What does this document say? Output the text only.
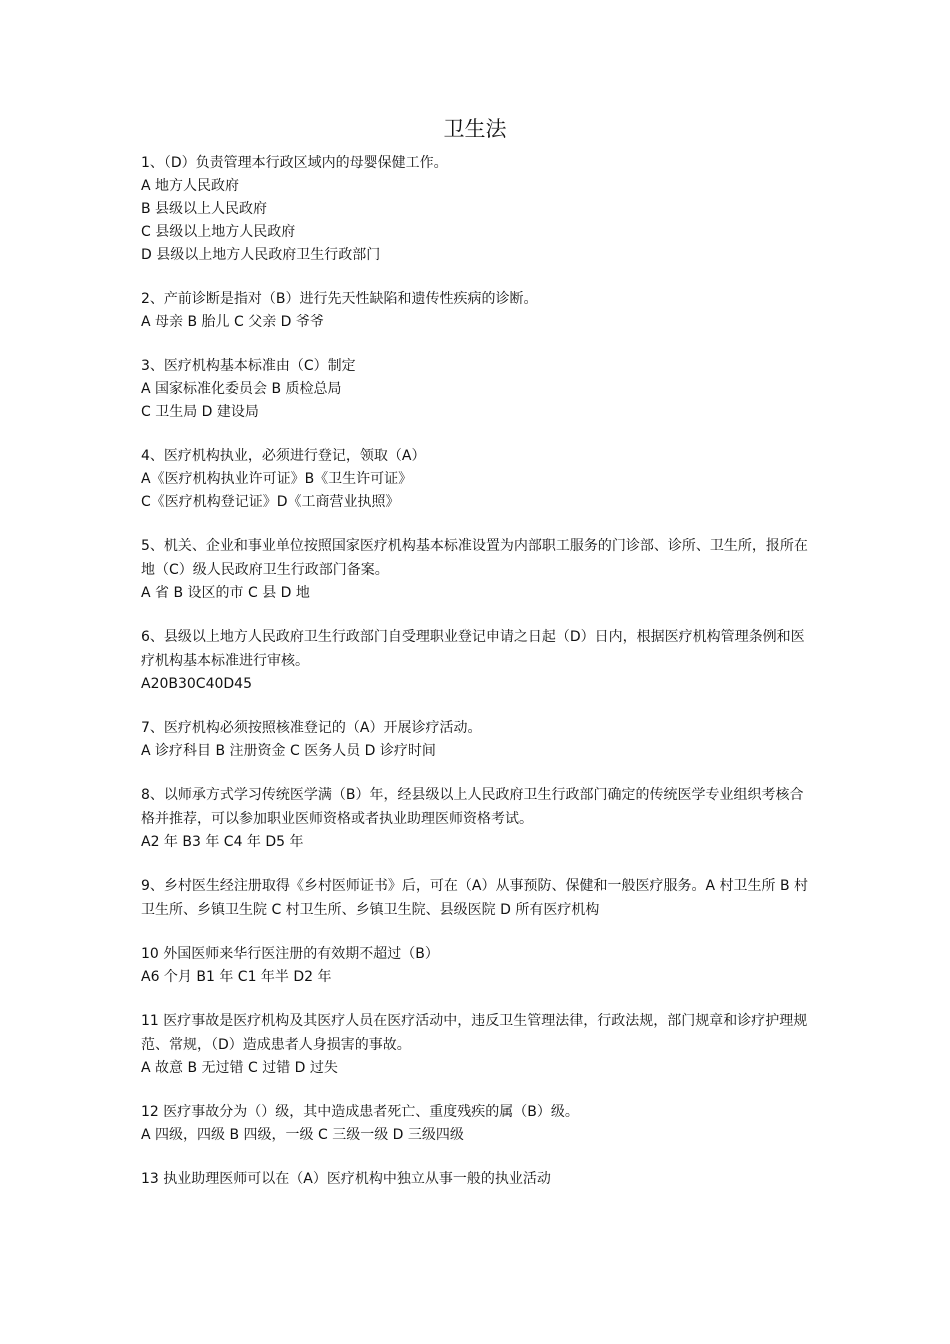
卫生法
1、（D）负责管理本行政区域内的母婴保健工作。
A 地方人民政府
B 县级以上人民政府
C 县级以上地方人民政府
D 县级以上地方人民政府卫生行政部门
2、产前诊断是指对（B）进行先天性缺陷和遗传性疾病的诊断。
A 母亲 B 胎儿 C 父亲 D 爷爷
3、医疗机构基本标准由（C）制定
A 国家标准化委员会 B 质检总局
C 卫生局 D 建设局
4、医疗机构执业，必须进行登记，领取（A）
A《医疗机构执业许可证》B《卫生许可证》
C《医疗机构登记证》D《工商营业执照》
5、机关、企业和事业单位按照国家医疗机构基本标准设置为内部职工服务的门诊部、诊所、卫生所，报所在地（C）级人民政府卫生行政部门备案。
A 省 B 设区的市 C 县 D 地
6、县级以上地方人民政府卫生行政部门自受理职业登记申请之日起（D）日内，根据医疗机构管理条例和医疗机构基本标准进行审核。
A20B30C40D45
7、医疗机构必须按照核准登记的（A）开展诊疗活动。
A 诊疗科目 B 注册资金 C 医务人员 D 诊疗时间
8、以师承方式学习传统医学满（B）年，经县级以上人民政府卫生行政部门确定的传统医学专业组织考核合格并推荐，可以参加职业医师资格或者执业助理医师资格考试。
A2 年 B3 年 C4 年 D5 年
9、乡村医生经注册取得《乡村医师证书》后，可在（A）从事预防、保健和一般医疗服务。A 村卫生所 B 村卫生所、乡镇卫生院 C 村卫生所、乡镇卫生院、县级医院 D 所有医疗机构
10 外国医师来华行医注册的有效期不超过（B）
A6 个月 B1 年 C1 年半 D2 年
11 医疗事故是医疗机构及其医疗人员在医疗活动中，违反卫生管理法律，行政法规，部门规章和诊疗护理规范、常规，（D）造成患者人身损害的事故。
A 故意 B 无过错 C 过错 D 过失
12 医疗事故分为（）级，其中造成患者死亡、重度残疾的属（B）级。
A 四级，四级 B 四级，一级 C 三级一级 D 三级四级
13 执业助理医师可以在（A）医疗机构中独立从事一般的执业活动
